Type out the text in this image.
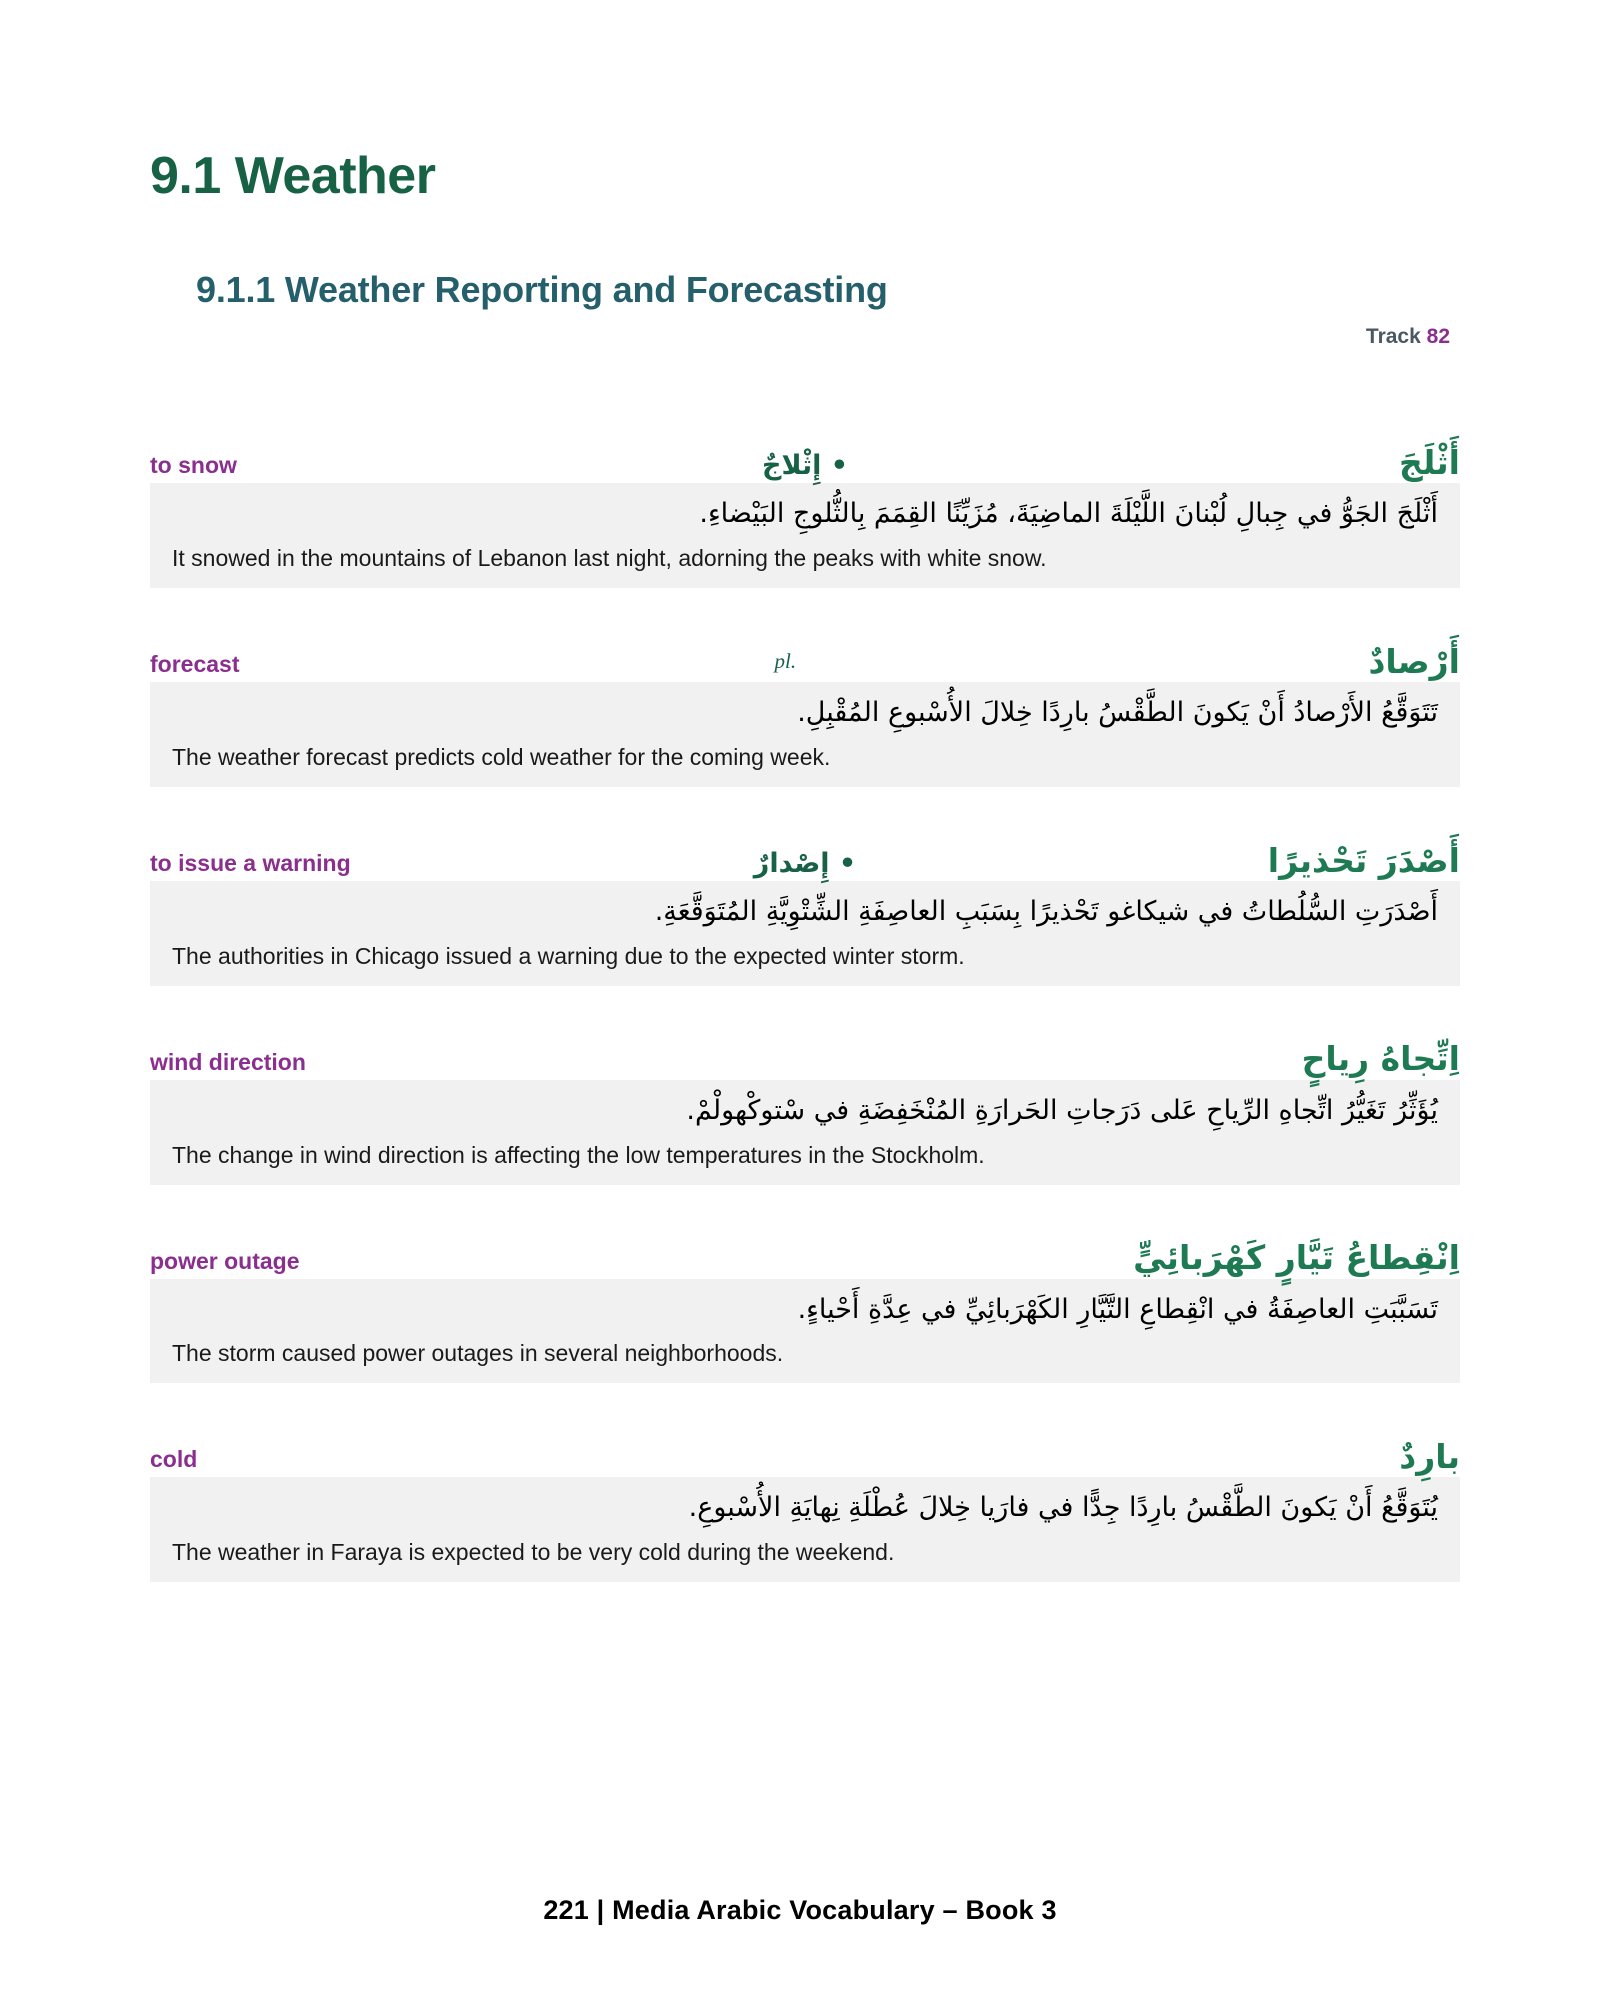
9.1 Weather
9.1.1 Weather Reporting and Forecasting
Track 82
to snow	• إِثْلاجٌ	أَثْلَجَ
أَثْلَجَ الجَوُّ في جِبالِ لُبْنانَ اللَّيْلَةَ الماضِيَةَ، مُزَيِّنًا القِمَمَ بِالثُّلوجِ البَيْضاءِ.
It snowed in the mountains of Lebanon last night, adorning the peaks with white snow.
forecast	pl.	أَرْصادٌ
تَتَوَقَّعُ الأَرْصادُ أَنْ يَكونَ الطَّقْسُ بارِدًا خِلالَ الأُسْبوعِ المُقْبِلِ.
The weather forecast predicts cold weather for the coming week.
to issue a warning	• إِصْدارٌ	أَصْدَرَ تَحْذيرًا
أَصْدَرَتِ السُّلُطاتُ في شيكاغو تَحْذيرًا بِسَبَبِ العاصِفَةِ الشِّتْوِيَّةِ المُتَوَقَّعَةِ.
The authorities in Chicago issued a warning due to the expected winter storm.
wind direction	اِتِّجاهُ رِياحٍ
يُؤَثِّرُ تَغَيُّرُ اتِّجاهِ الرِّياحِ عَلى دَرَجاتِ الحَرارَةِ المُنْخَفِضَةِ في سْتوكْهولْمْ.
The change in wind direction is affecting the low temperatures in the Stockholm.
power outage	اِنْقِطاعُ تَيَّارٍ كَهْرَبائِيٍّ
تَسَبَّبَتِ العاصِفَةُ في انْقِطاعِ التَّيَّارِ الكَهْرَبائِيِّ في عِدَّةِ أَحْياءٍ.
The storm caused power outages in several neighborhoods.
cold	بارِدٌ
يُتَوَقَّعُ أَنْ يَكونَ الطَّقْسُ بارِدًا جِدًّا في فارَيا خِلالَ عُطْلَةِ نِهايَةِ الأُسْبوعِ.
The weather in Faraya is expected to be very cold during the weekend.
221 | Media Arabic Vocabulary – Book 3
